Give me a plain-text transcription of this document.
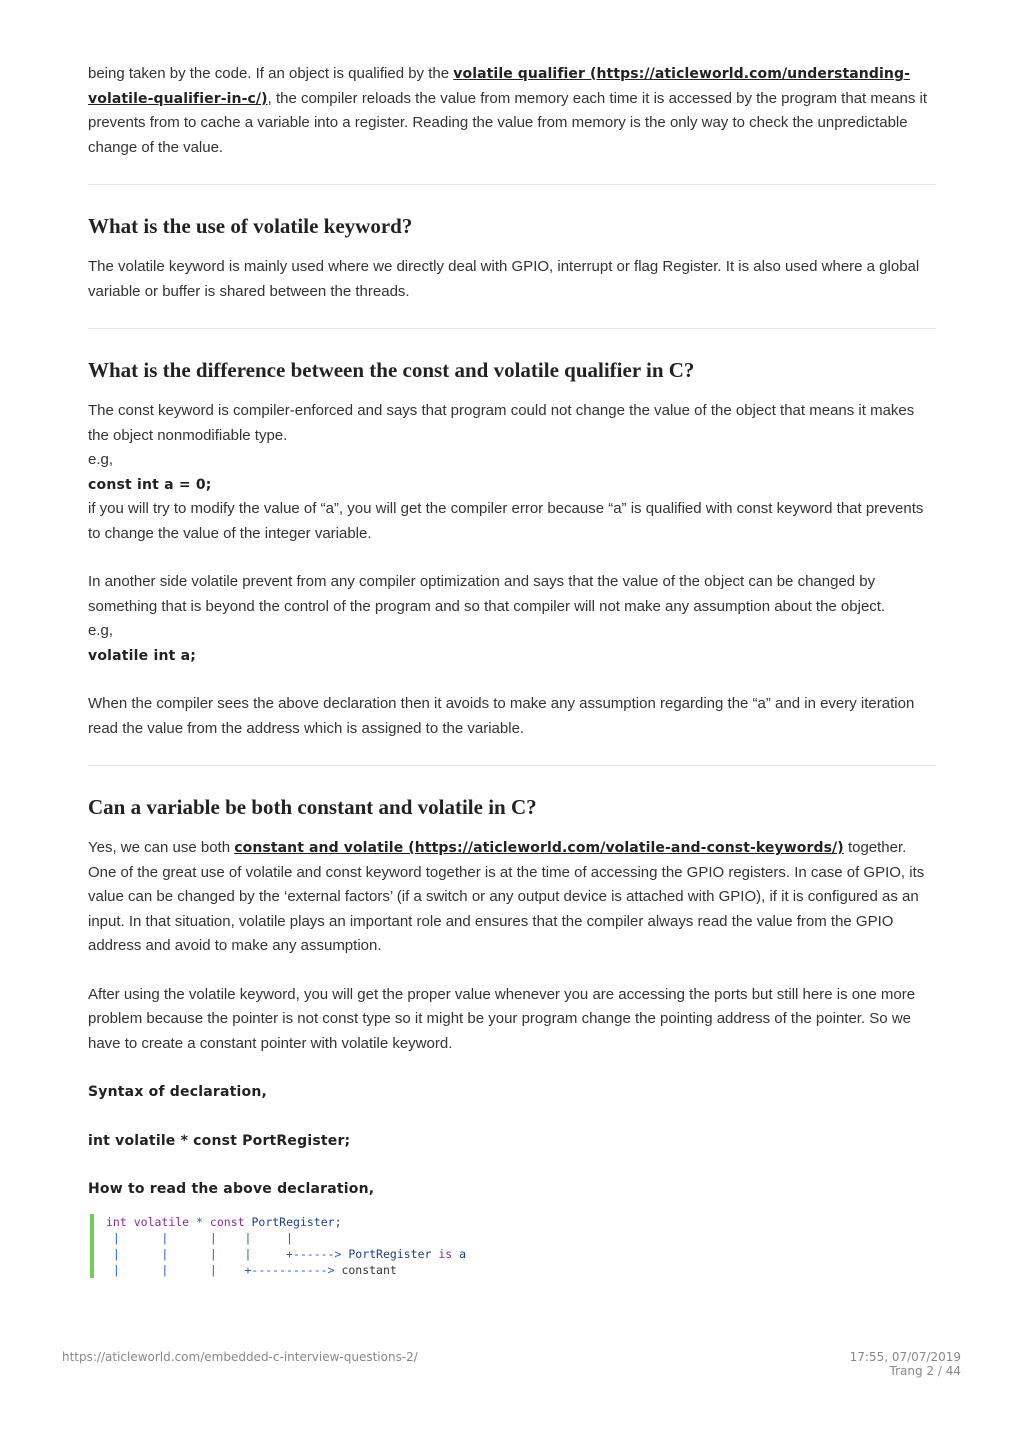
being taken by the code. If an object is qualified by the volatile qualifier (https://aticleworld.com/understanding-volatile-qualifier-in-c/), the compiler reloads the value from memory each time it is accessed by the program that means it prevents from to cache a variable into a register. Reading the value from memory is the only way to check the unpredictable change of the value.

What is the use of volatile keyword?

The volatile keyword is mainly used where we directly deal with GPIO, interrupt or flag Register. It is also used where a global variable or buffer is shared between the threads.

What is the difference between the const and volatile qualifier in C?

The const keyword is compiler-enforced and says that program could not change the value of the object that means it makes the object nonmodifiable type.

e.g,

const int a = 0;

if you will try to modify the value of “a”, you will get the compiler error because “a” is qualified with const keyword that prevents to change the value of the integer variable.

In another side volatile prevent from any compiler optimization and says that the value of the object can be changed by something that is beyond the control of the program and so that compiler will not make any assumption about the object.

e.g,

volatile int a;

When the compiler sees the above declaration then it avoids to make any assumption regarding the “a” and in every iteration read the value from the address which is assigned to the variable.

Can a variable be both constant and volatile in C?

Yes, we can use both constant and volatile (https://aticleworld.com/volatile-and-const-keywords/) together. One of the great use of volatile and const keyword together is at the time of accessing the GPIO registers. In case of GPIO, its value can be changed by the ‘external factors’ (if a switch or any output device is attached with GPIO), if it is configured as an input. In that situation, volatile plays an important role and ensures that the compiler always read the value from the GPIO address and avoid to make any assumption.

After using the volatile keyword, you will get the proper value whenever you are accessing the ports but still here is one more problem because the pointer is not const type so it might be your program change the pointing address of the pointer. So we have to create a constant pointer with volatile keyword.

Syntax of declaration,

int volatile * const PortRegister;

How to read the above declaration,

int volatile * const PortRegister;
|      |      |    |     |
|      |      |    |     +------> PortRegister is a
|      |      |    +-----------> constant
https://aticleworld.com/embedded-c-interview-questions-2/	17:55, 07/07/2019
Trang 2 / 44
